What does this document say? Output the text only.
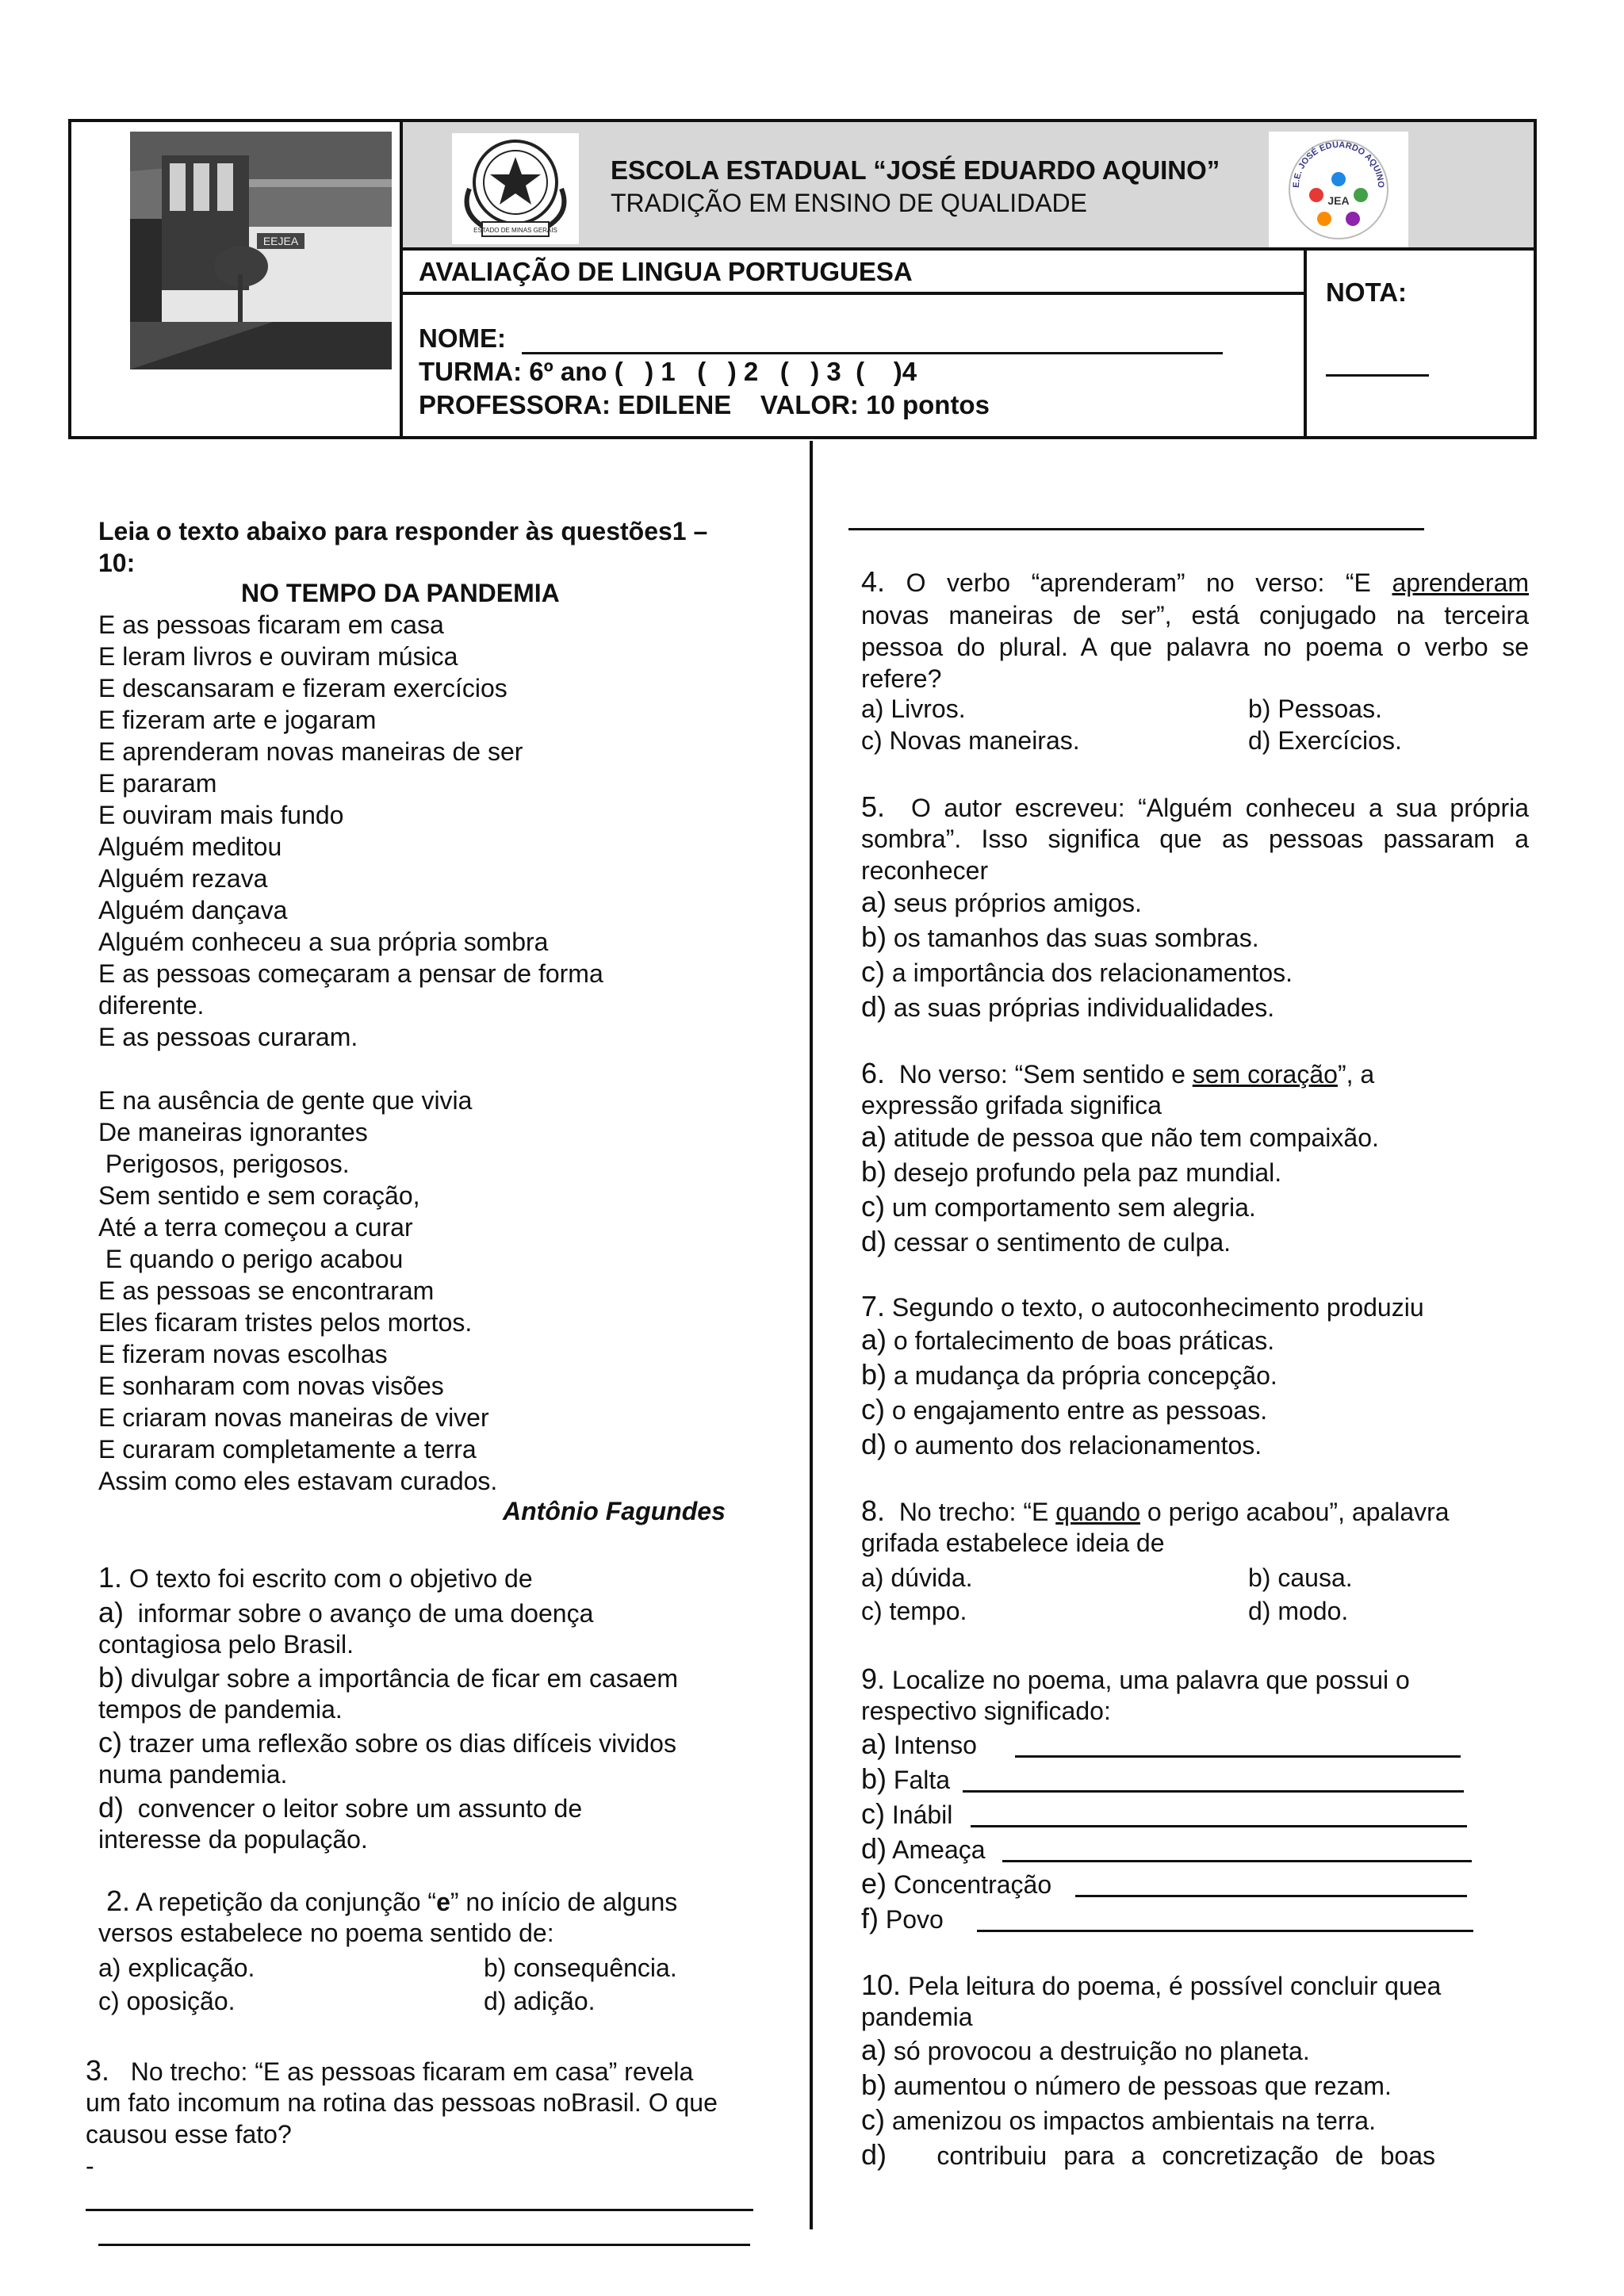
EEJEA
ESTADO DE MINAS GERAIS
ESCOLA ESTADUAL “JOSÉ EDUARDO AQUINO”
TRADIÇÃO EM ENSINO DE QUALIDADE
E.E. JOSÉ EDUARDO AQUINO
JEA
AVALIAÇÃO DE LINGUA PORTUGUESA
NOME:
TURMA: 6º ano (   ) 1   (   ) 2   (   ) 3  (    )4
PROFESSORA: EDILENE    VALOR: 10 pontos
NOTA:
Leia o texto abaixo para responder às questões1 –
10:
NO TEMPO DA PANDEMIA
E as pessoas ficaram em casa
E leram livros e ouviram música
E descansaram e fizeram exercícios
E fizeram arte e jogaram
E aprenderam novas maneiras de ser
E pararam
E ouviram mais fundo
Alguém meditou
Alguém rezava
Alguém dançava
Alguém conheceu a sua própria sombra
E as pessoas começaram a pensar de forma
diferente.
E as pessoas curaram.
E na ausência de gente que vivia
De maneiras ignorantes
Perigosos, perigosos.
Sem sentido e sem coração,
Até a terra começou a curar
E quando o perigo acabou
E as pessoas se encontraram
Eles ficaram tristes pelos mortos.
E fizeram novas escolhas
E sonharam com novas visões
E criaram novas maneiras de viver
E curaram completamente a terra
Assim como eles estavam curados.
Antônio Fagundes
1. O texto foi escrito com o objetivo de
a) informar sobre o avanço de uma doença
contagiosa pelo Brasil.
b) divulgar sobre a importância de ficar em casaem
tempos de pandemia.
c) trazer uma reflexão sobre os dias difíceis vividos
numa pandemia.
d) convencer o leitor sobre um assunto de
interesse da população.
2. A repetição da conjunção “e” no início de alguns
versos estabelece no poema sentido de:
a) explicação.	b) consequência.
c) oposição.	d) adição.
3. No trecho: “E as pessoas ficaram em casa” revela
um fato incomum na rotina das pessoas noBrasil. O que
causou esse fato?
-
4. O verbo “aprenderam” no verso: “E aprenderam
novas maneiras de ser”, está conjugado na terceira
pessoa do plural. A que palavra no poema o verbo se
refere?
a) Livros.	b) Pessoas.
c) Novas maneiras.	d) Exercícios.
5. O autor escreveu: “Alguém conheceu a sua própria
sombra”. Isso significa que as pessoas passaram a
reconhecer
a) seus próprios amigos.
b) os tamanhos das suas sombras.
c) a importância dos relacionamentos.
d) as suas próprias individualidades.
6. No verso: “Sem sentido e sem coração”, a
expressão grifada significa
a) atitude de pessoa que não tem compaixão.
b) desejo profundo pela paz mundial.
c) um comportamento sem alegria.
d) cessar o sentimento de culpa.
7. Segundo o texto, o autoconhecimento produziu
a) o fortalecimento de boas práticas.
b) a mudança da própria concepção.
c) o engajamento entre as pessoas.
d) o aumento dos relacionamentos.
8. No trecho: “E quando o perigo acabou”, apalavra
grifada estabelece ideia de
a) dúvida.	b) causa.
c) tempo.	d) modo.
9. Localize no poema, uma palavra que possui o
respectivo significado:
a) Intenso
b) Falta
c) Inábil
d) Ameaça
e) Concentração
f) Povo
10. Pela leitura do poema, é possível concluir quea
pandemia
a) só provocou a destruição no planeta.
b) aumentou o número de pessoas que rezam.
c) amenizou os impactos ambientais na terra.
d) contribuiu para a concretização de boas
